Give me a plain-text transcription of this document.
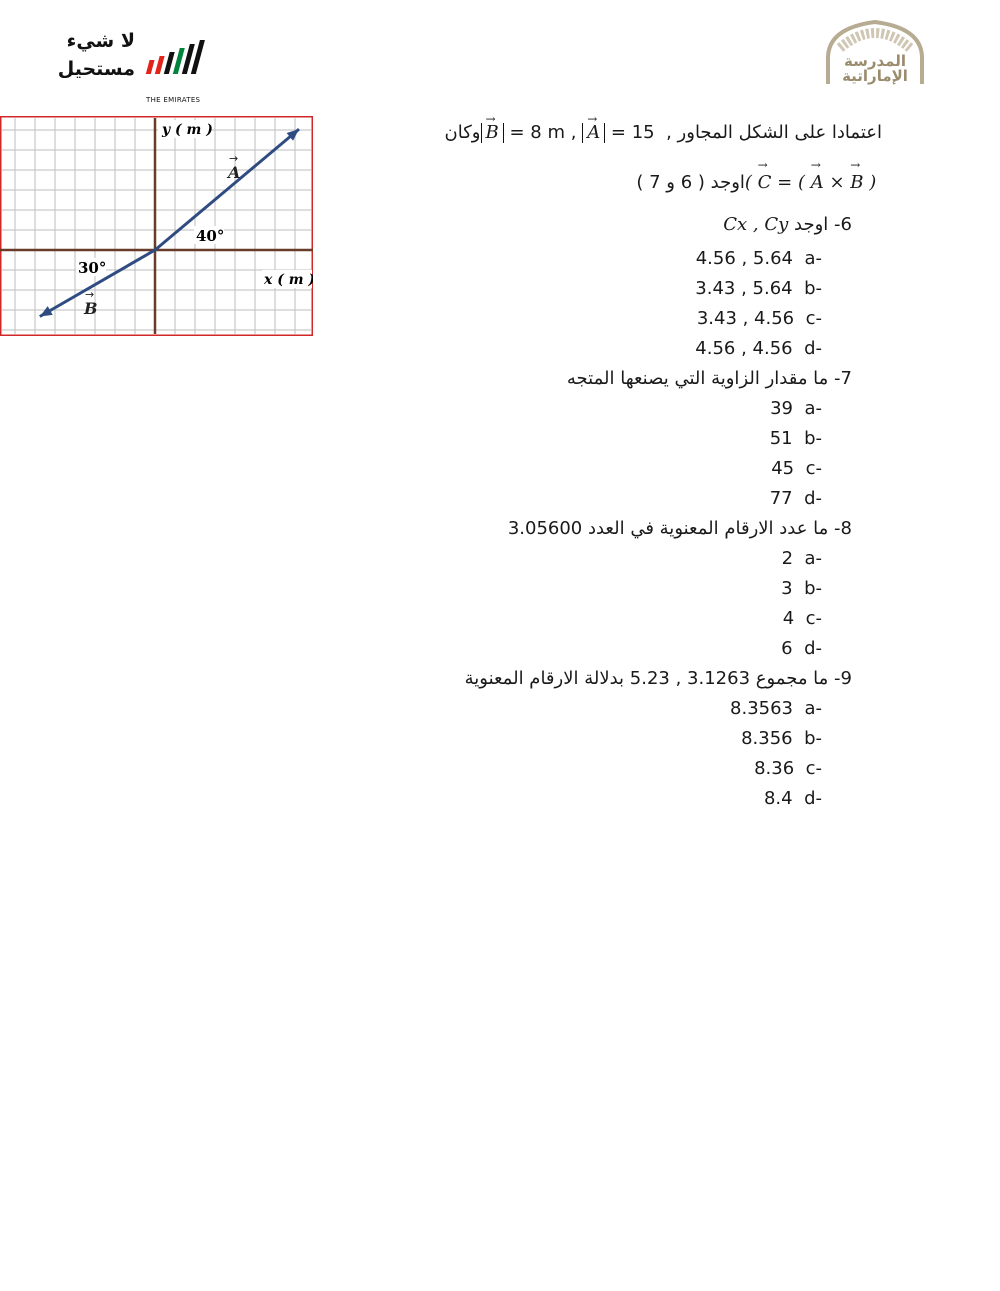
لا شيء
مستحيل
THE EMIRATES
المدرسة
الإماراتية
y ( m )
x ( m )
A
→
B
→
40°
30°
اعتمادا على الشكل المجاور , → B = 8 m , → A = 15 وكان
( → C = ( → A × → B ) اوجد ( 6 و 7 )
6- اوجد Cx , Cy
4.56 , 5.64 a-
3.43 , 5.64 b-
3.43 , 4.56 c-
4.56 , 4.56 d-
7- ما مقدار الزاوية التي يصنعها المتجه
39 a-
51 b-
45 c-
77 d-
8- ما عدد الارقام المعنوية في العدد 3.05600
2 a-
3 b-
4 c-
6 d-
9- ما مجموع 3.1263 , 5.23 بدلالة الارقام المعنوية
8.3563 a-
8.356 b-
8.36 c-
8.4 d-
